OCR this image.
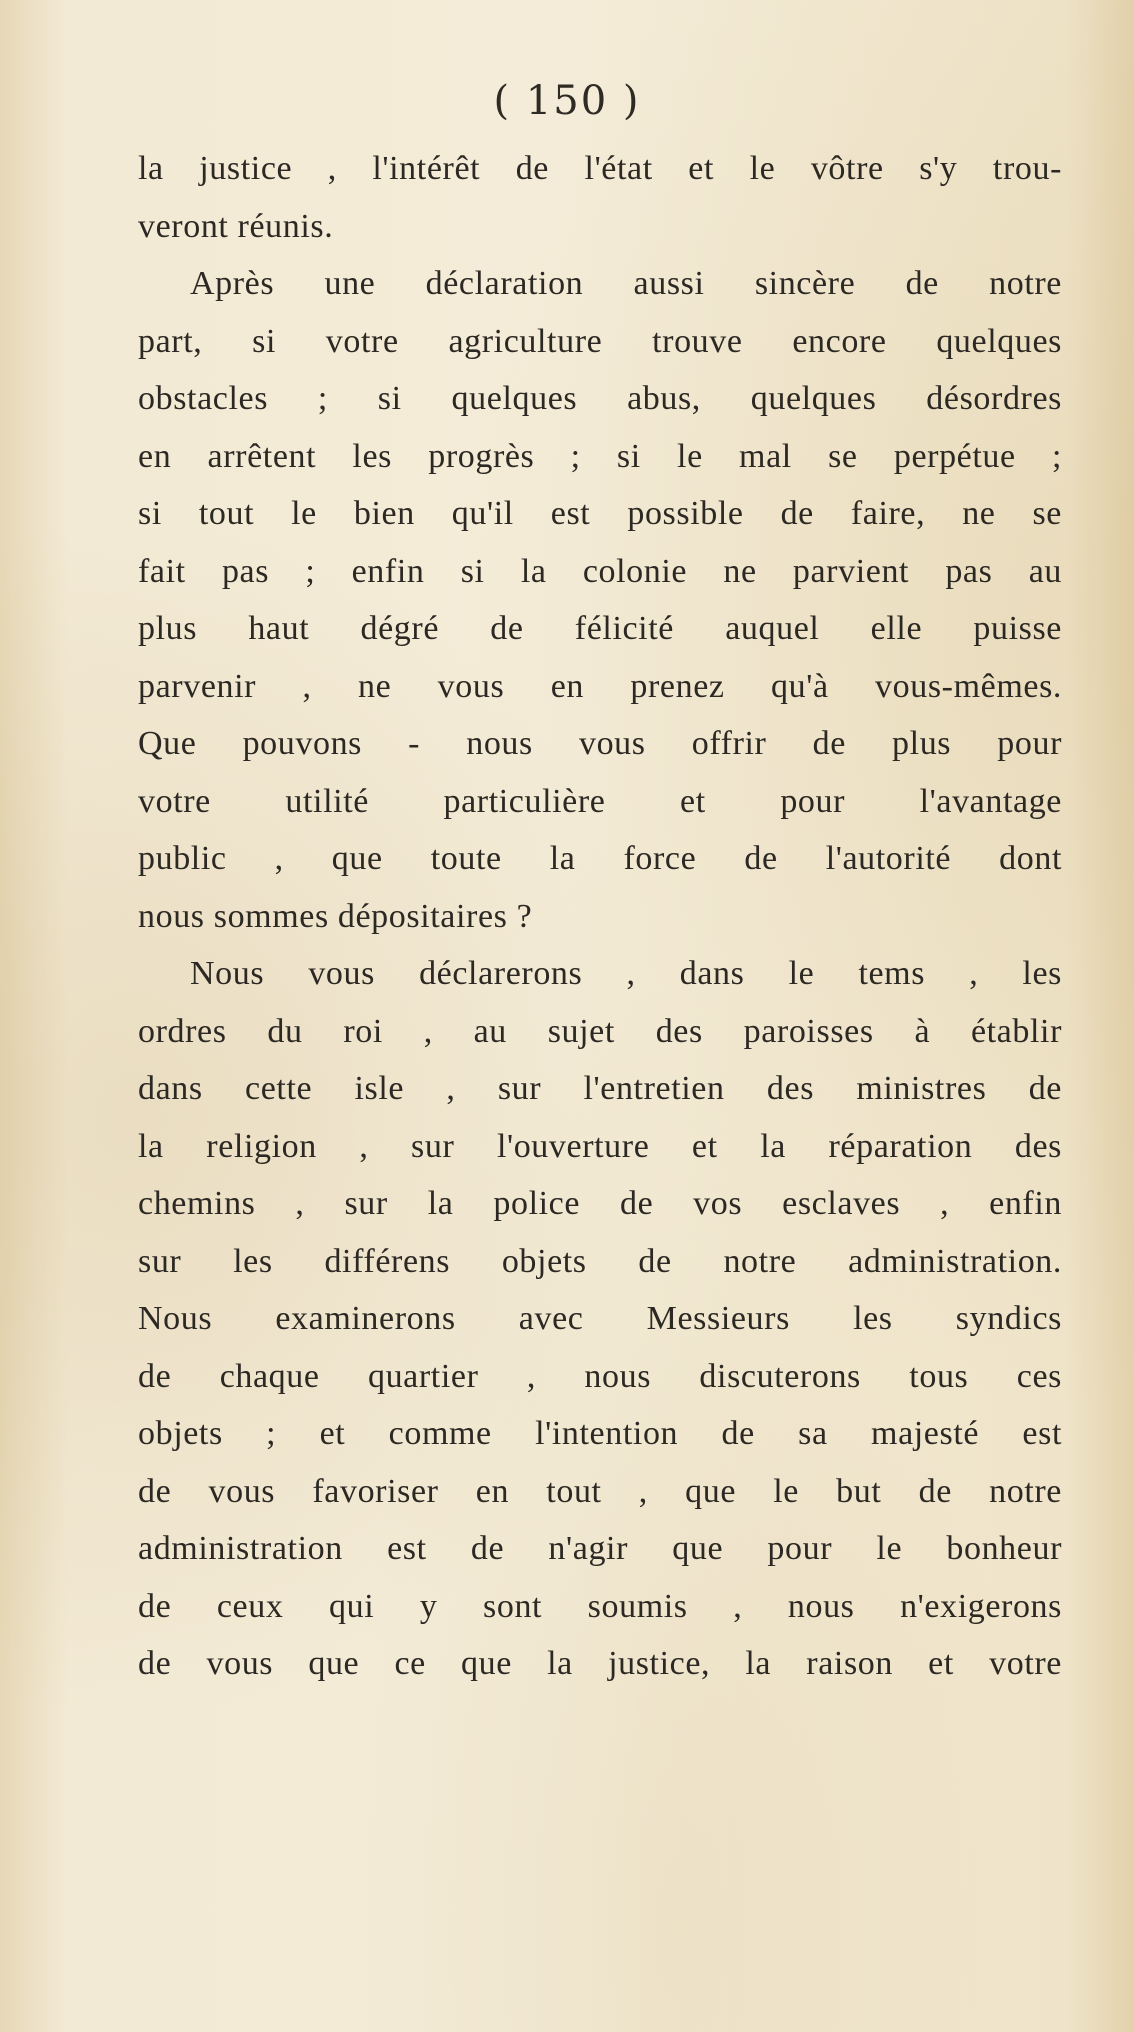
( 150 )
la justice , l'intérêt de l'état et le vôtre s'y trou-
veront réunis.
Après une déclaration aussi sincère de notre
part, si votre agriculture trouve encore quelques
obstacles ; si quelques abus, quelques désordres
en arrêtent les progrès ; si le mal se perpétue ;
si tout le bien qu'il est possible de faire, ne se
fait pas ; enfin si la colonie ne parvient pas au
plus haut dégré de félicité auquel elle puisse
parvenir , ne vous en prenez qu'à vous-mêmes.
Que pouvons - nous vous offrir de plus pour
votre utilité particulière et pour l'avantage
public , que toute la force de l'autorité dont
nous sommes dépositaires ?
Nous vous déclarerons , dans le tems , les
ordres du roi , au sujet des paroisses à établir
dans cette isle , sur l'entretien des ministres de
la religion , sur l'ouverture et la réparation des
chemins , sur la police de vos esclaves , enfin
sur les différens objets de notre administration.
Nous examinerons avec Messieurs les syndics
de chaque quartier , nous discuterons tous ces
objets ; et comme l'intention de sa majesté est
de vous favoriser en tout , que le but de notre
administration est de n'agir que pour le bonheur
de ceux qui y sont soumis , nous n'exigerons
de vous que ce que la justice, la raison et votre
